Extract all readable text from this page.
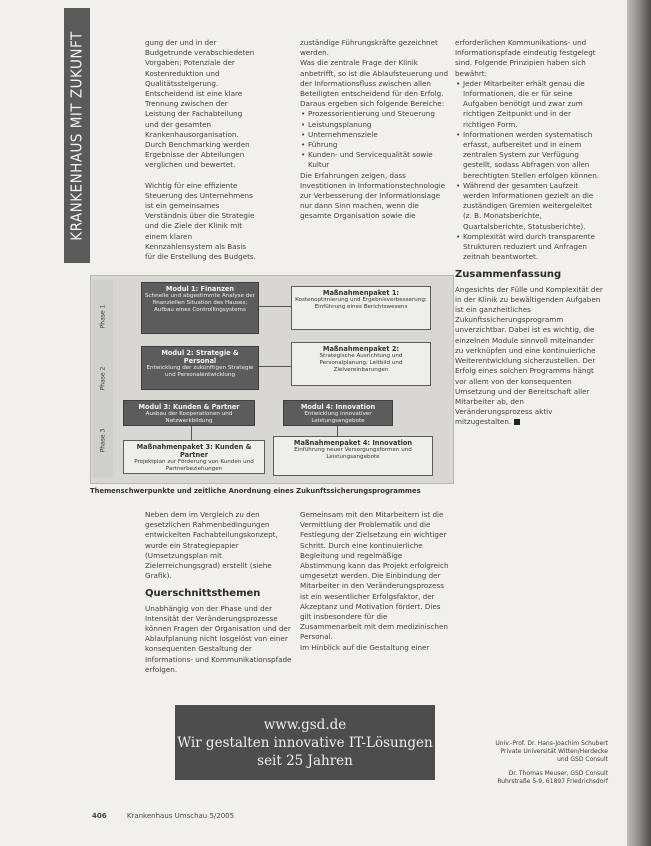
KRANKENHAUS MIT ZUKUNFT	gung der und in der Budgetrunde verabschiedeten Vorgaben; Potenziale der Kostenreduktion und Qualitätssteigerung.

Entscheidend ist eine klare Trennung zwischen der Leistung der Fachabteilung und der gesamten Krankenhausorganisation. Durch Benchmarking werden Ergebnisse der Abteilungen verglichen und bewertet.

Wichtig für eine effiziente Steuerung des Unternehmens ist ein gemeinsames Verständnis über die Strategie und die Ziele der Klinik mit einem klaren Kennzahlensystem als Basis für die Erstellung des Budgets.

zuständige Führungskräfte gezeichnet werden.

Was die zentrale Frage der Klinik anbetrifft, so ist die Ablaufsteuerung und der Informationsfluss zwischen allen Beteiligten entscheidend für den Erfolg. Daraus ergeben sich folgende Bereiche:

• Prozessorientierung und Steuerung
• Leistungsplanung
• Unternehmensziele
• Führung
• Kunden- und Servicequalität sowie Kultur

Die Erfahrungen zeigen, dass Investitionen in Informationstechnologie zur Verbesserung der Informationslage nur dann Sinn machen, wenn die gesamte Organisation sowie die

erforderlichen Kommunikations- und Informationspfade eindeutig festgelegt sind. Folgende Prinzipien haben sich bewährt:

• Jeder Mitarbeiter erhält genau die Informationen, die er für seine Aufgaben benötigt und zwar zum richtigen Zeitpunkt und in der richtigen Form.
• Informationen werden systematisch erfasst, aufbereitet und in einem zentralen System zur Verfügung gestellt, sodass Abfragen von allen berechtigten Stellen erfolgen können.
• Während der gesamten Laufzeit werden Informationen gezielt an die zuständigen Gremien weitergeleitet (z. B. Monatsberichte, Quartalsberichte, Statusberichte).
• Komplexität wird durch transparente Strukturen reduziert und Anfragen zeitnah beantwortet.
Zusammenfassung

Angesichts der Fülle und Komplexität der in der Klinik zu bewältigenden Aufgaben ist ein ganzheitliches Zukunftssicherungsprogramm unverzichtbar. Dabei ist es wichtig, die einzelnen Module sinnvoll miteinander zu verknüpfen und eine kontinuierliche Weiterentwicklung sicherzustellen. Der Erfolg eines solchen Programms hängt vor allem von der konsequenten Umsetzung und der Bereitschaft aller Mitarbeiter ab, den Veränderungsprozess aktiv mitzugestalten.

Phase 1
Phase 2
Phase 3
Modul 1: Finanzen
Schnelle und abgestimmte Analyse der finanziellen Situation des Hauses; Aufbau eines Controllingsystems
Modul 2: Strategie & Personal
Entwicklung der zukünftigen Strategie und Personalentwicklung
Modul 3: Kunden & Partner
Ausbau der Kooperationen und Netzwerkbildung
Modul 4: Innovation
Entwicklung innovativer Leistungsangebote
Maßnahmenpaket 1:
Kostenoptimierung und Ergebnisverbesserung; Einführung eines Berichtswesens
Maßnahmenpaket 2:
Strategische Ausrichtung und Personalplanung; Leitbild und Zielvereinbarungen
Maßnahmenpaket 3: Kunden & Partner
Projektplan zur Förderung von Kunden und Partnerbeziehungen
Maßnahmenpaket 4: Innovation
Einführung neuer Versorgungsformen und Leistungsangebote
Themenschwerpunkte und zeitliche Anordnung eines Zukunftssicherungsprogrammes

Neben dem im Vergleich zu den gesetzlichen Rahmenbedingungen entwickelten Fachabteilungskonzept, wurde ein Strategiepapier (Umsetzungsplan mit Zielerreichungsgrad) erstellt (siehe Grafik).

Querschnittsthemen

Unabhängig von der Phase und der Intensität der Veränderungsprozesse können Fragen der Organisation und der Ablaufplanung nicht losgelöst von einer konsequenten Gestaltung der Informations- und Kommunikationspfade erfolgen.

Gemeinsam mit den Mitarbeitern ist die Vermittlung der Problematik und die Festlegung der Zielsetzung ein wichtiger Schritt. Durch eine kontinuierliche Begleitung und regelmäßige Abstimmung kann das Projekt erfolgreich umgesetzt werden. Die Einbindung der Mitarbeiter in den Veränderungsprozess ist ein wesentlicher Erfolgsfaktor, der Akzeptanz und Motivation fördert. Dies gilt insbesondere für die Zusammenarbeit mit dem medizinischen Personal.

Im Hinblick auf die Gestaltung einer

www.gsd.de
Wir gestalten innovative IT-Lösungen
seit 25 Jahren
Univ.-Prof. Dr. Hans-Joachim Schubert
Private Universität Witten/Herdecke
und GSD Consult
Dr. Thomas Meuser, GSD Consult
Ruhrstraße 5-9, 61897 Friedrichsdorf
406	Krankenhaus Umschau 5/2005
